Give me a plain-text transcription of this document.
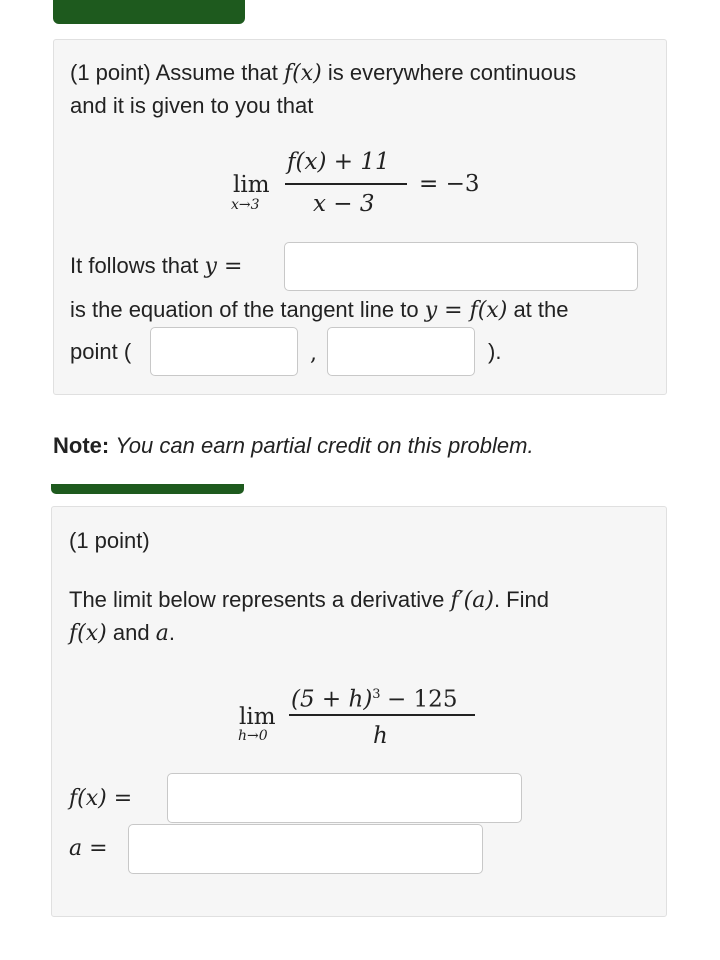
(1 point) Assume that f(x) is everywhere continuous
and it is given to you that
lim
x→3
f(x) + 11
x − 3
= −3
It follows that y =
is the equation of the tangent line to y = f(x) at the
point (	,	).
Note: You can earn partial credit on this problem.
(1 point)
The limit below represents a derivative f′(a). Find
f(x) and a.
lim
h→0
$(5 + h)^3 - 125$
h
f(x) =
a =
